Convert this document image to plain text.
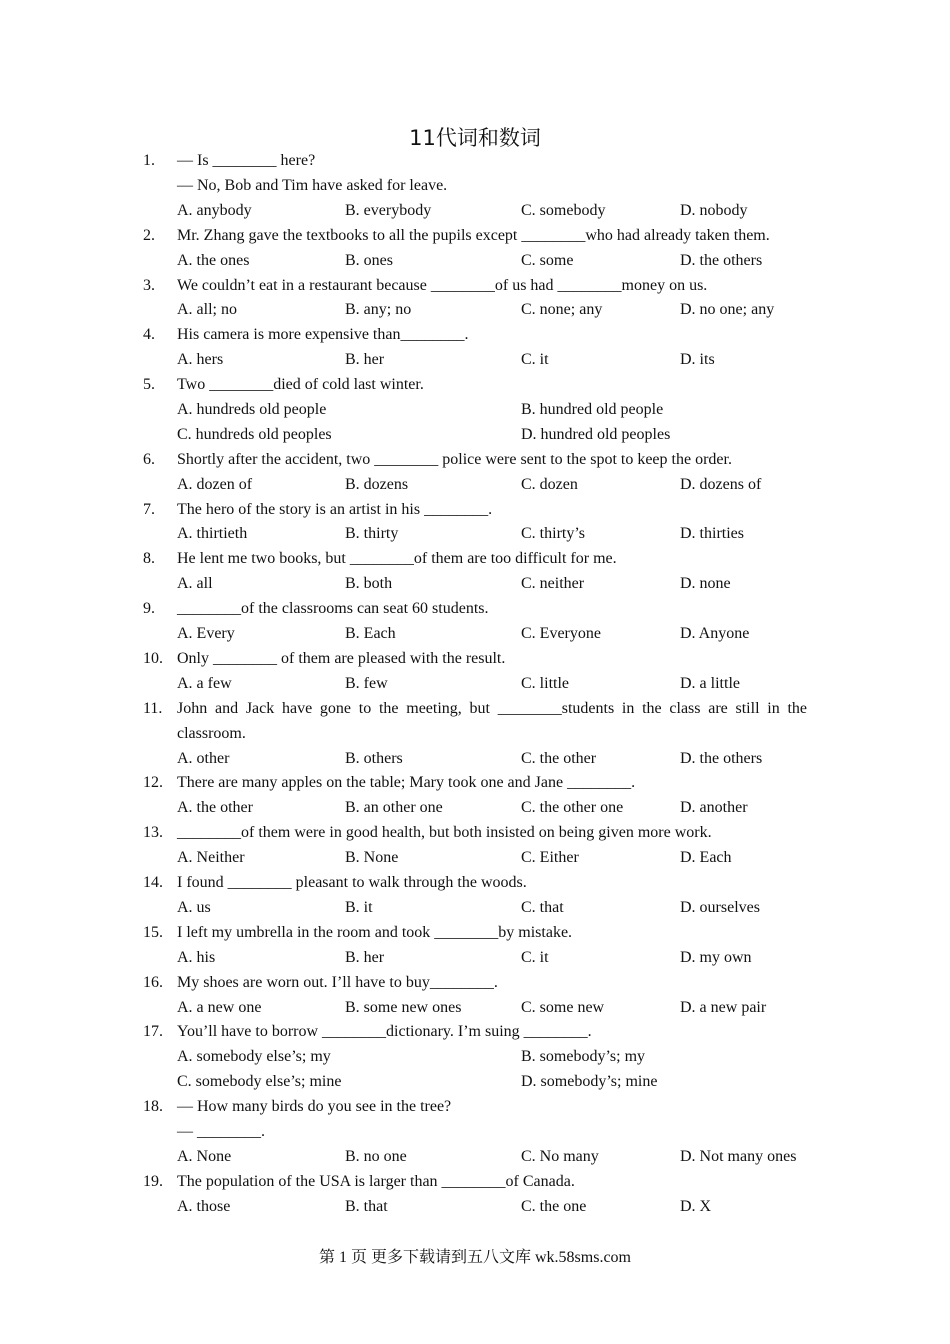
11代词和数词
1. — Is ________ here?
— No, Bob and Tim have asked for leave.
A. anybody	B. everybody	C. somebody	D. nobody
2. Mr. Zhang gave the textbooks to all the pupils except ________who had already taken them.
A. the ones	B. ones	C. some	D. the others
3. We couldn’t eat in a restaurant because ________of us had ________money on us.
A. all; no	B. any; no	C. none; any	D. no one; any
4. His camera is more expensive than________.
A. hers	B. her	C. it	D. its
5. Two ________died of cold last winter.
A. hundreds old people	B. hundred old people
C. hundreds old peoples	D. hundred old peoples
6. Shortly after the accident, two ________ police were sent to the spot to keep the order.
A. dozen of	B. dozens	C. dozen	D. dozens of
7. The hero of the story is an artist in his ________.
A. thirtieth	B. thirty	C. thirty’s	D. thirties
8. He lent me two books, but ________of them are too difficult for me.
A. all	B. both	C. neither	D. none
9. ________of the classrooms can seat 60 students.
A. Every	B. Each	C. Everyone	D. Anyone
10. Only ________ of them are pleased with the result.
A. a few	B. few	C. little	D. a little
11. John and Jack have gone to the meeting, but ________students in the class are still in the classroom.
A. other	B. others	C. the other	D. the others
12. There are many apples on the table; Mary took one and Jane ________.
A. the other	B. an other one	C. the other one	D. another
13. ________of them were in good health, but both insisted on being given more work.
A. Neither	B. None	C. Either	D. Each
14. I found ________ pleasant to walk through the woods.
A. us	B. it	C. that	D. ourselves
15. I left my umbrella in the room and took ________by mistake.
A. his	B. her	C. it	D. my own
16. My shoes are worn out. I’ll have to buy________.
A. a new one	B. some new ones	C. some new	D. a new pair
17. You’ll have to borrow ________dictionary. I’m suing ________.
A. somebody else’s; my	B. somebody’s; my
C. somebody else’s; mine	D. somebody’s; mine
18. — How many birds do you see in the tree?
— ________.
A. None	B. no one	C. No many	D. Not many ones
19. The population of the USA is larger than ________of Canada.
A. those	B. that	C. the one	D. X
第 1 页 更多下载请到五八文库 wk.58sms.com
